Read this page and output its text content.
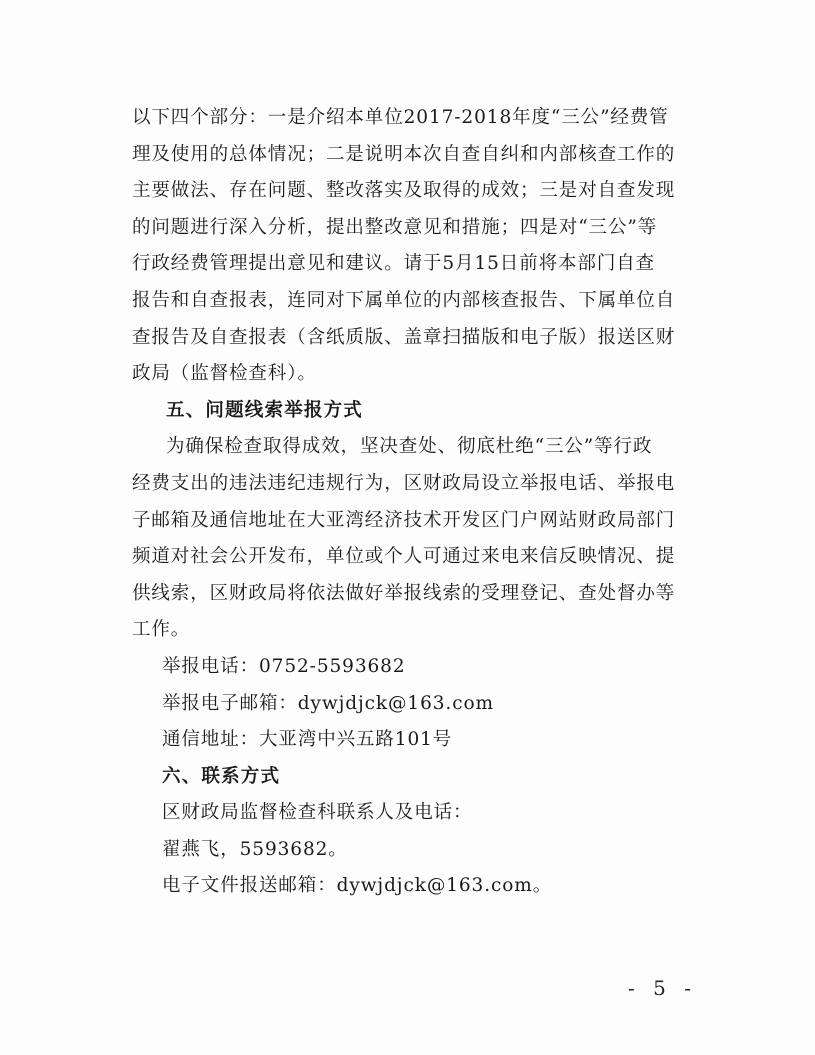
以下四个部分：一是介绍本单位2017-2018年度“三公”经费管
理及使用的总体情况；二是说明本次自查自纠和内部核查工作的
主要做法、存在问题、整改落实及取得的成效；三是对自查发现
的问题进行深入分析，提出整改意见和措施；四是对“三公”等
行政经费管理提出意见和建议。请于5月15日前将本部门自查
报告和自查报表，连同对下属单位的内部核查报告、下属单位自
查报告及自查报表（含纸质版、盖章扫描版和电子版）报送区财
政局（监督检查科）。
五、问题线索举报方式
为确保检查取得成效，坚决查处、彻底杜绝“三公”等行政
经费支出的违法违纪违规行为，区财政局设立举报电话、举报电
子邮箱及通信地址在大亚湾经济技术开发区门户网站财政局部门
频道对社会公开发布，单位或个人可通过来电来信反映情况、提
供线索，区财政局将依法做好举报线索的受理登记、查处督办等
工作。
举报电话：0752-5593682
举报电子邮箱：dywjdjck@163.com
通信地址：大亚湾中兴五路101号
六、联系方式
区财政局监督检查科联系人及电话：
翟燕飞，5593682。
电子文件报送邮箱：dywjdjck@163.com。
- 5 -
